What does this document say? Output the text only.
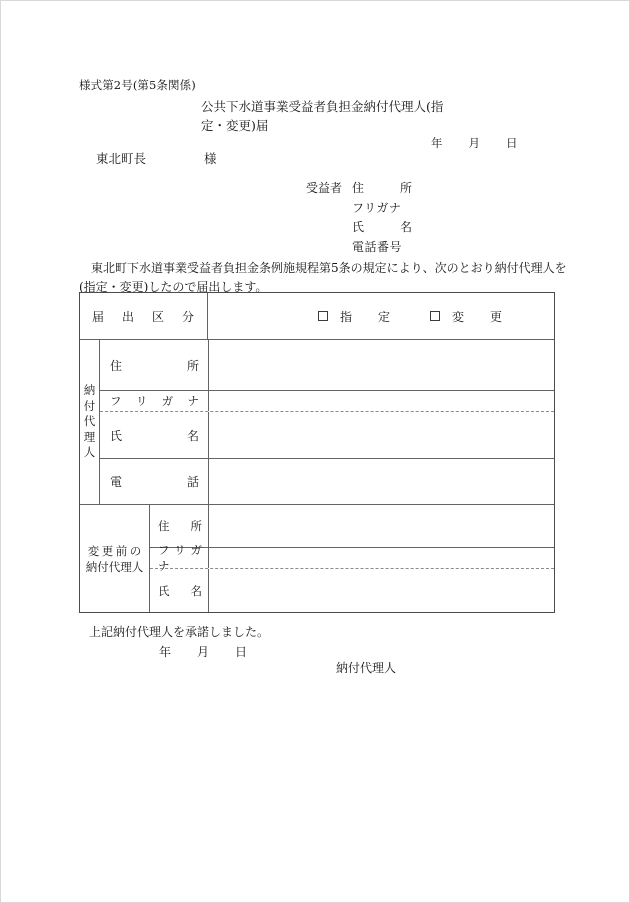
様式第2号(第5条関係)
公共下水道事業受益者負担金納付代理人(指
定・変更)届
年 月 日
東北町長	様
受益者 住　　所
フリガナ
氏　　名
電話番号
東北町下水道事業受益者負担金条例施規程第5条の規定により、次のとおり納付代理人を
(指定・変更)したので届出します。
届　出　区　分	指　　定	変　　更
納
付
代
理
人
住　　　所
フ　リ　ガ　ナ
氏　　　名
電　　　話
変更前の
納付代理人
住　所
フリガナ
氏　名
上記納付代理人を承諾しました。
年 月 日
納付代理人
